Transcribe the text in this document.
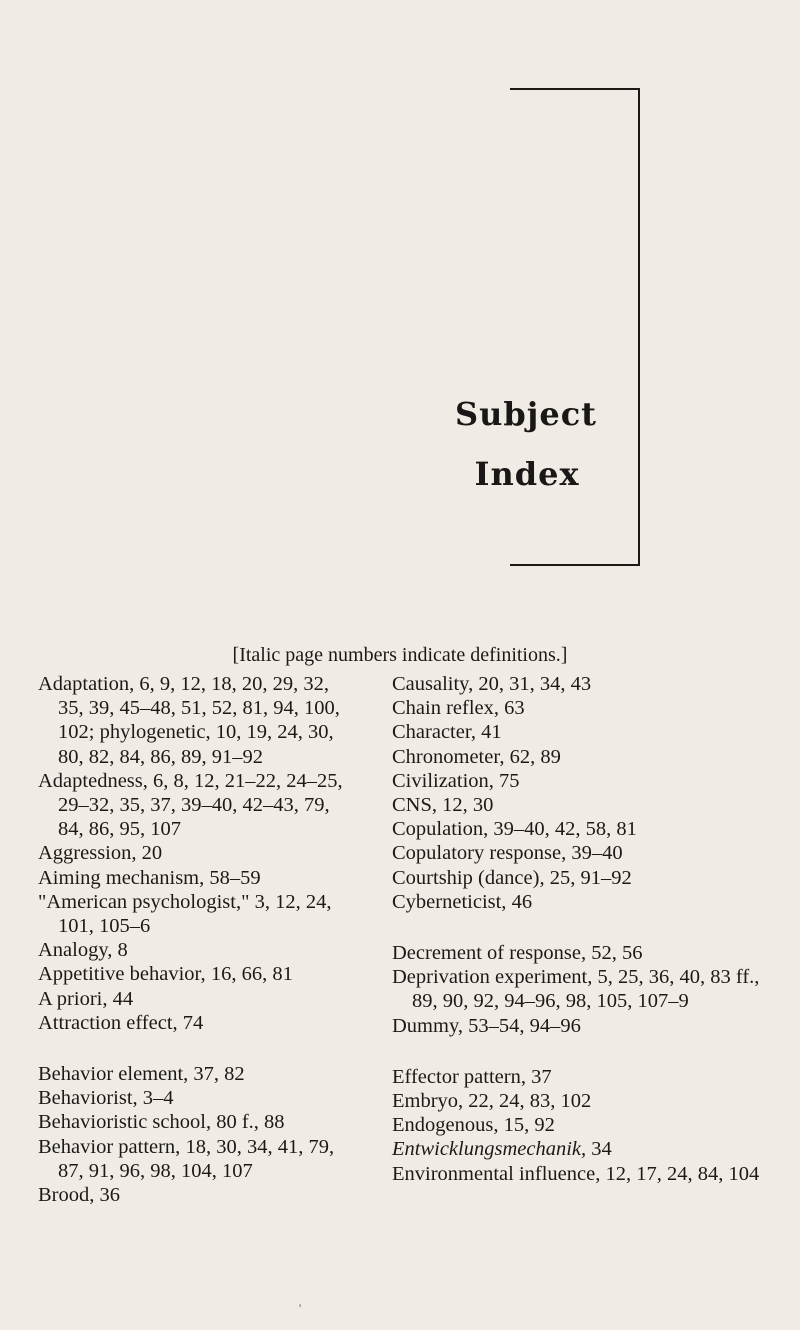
Subject
Index
[Italic page numbers indicate definitions.]
Adaptation, 6, 9, 12, 18, 20, 29, 32, 35, 39, 45–48, 51, 52, 81, 94, 100, 102; phylogenetic, 10, 19, 24, 30, 80, 82, 84, 86, 89, 91–92
Adaptedness, 6, 8, 12, 21–22, 24–25, 29–32, 35, 37, 39–40, 42–43, 79, 84, 86, 95, 107
Aggression, 20
Aiming mechanism, 58–59
"American psychologist," 3, 12, 24, 101, 105–6
Analogy, 8
Appetitive behavior, 16, 66, 81
A priori, 44
Attraction effect, 74
Behavior element, 37, 82
Behaviorist, 3–4
Behavioristic school, 80 f., 88
Behavior pattern, 18, 30, 34, 41, 79, 87, 91, 96, 98, 104, 107
Brood, 36
Causality, 20, 31, 34, 43
Chain reflex, 63
Character, 41
Chronometer, 62, 89
Civilization, 75
CNS, 12, 30
Copulation, 39–40, 42, 58, 81
Copulatory response, 39–40
Courtship (dance), 25, 91–92
Cyberneticist, 46
Decrement of response, 52, 56
Deprivation experiment, 5, 25, 36, 40, 83 ff., 89, 90, 92, 94–96, 98, 105, 107–9
Dummy, 53–54, 94–96
Effector pattern, 37
Embryo, 22, 24, 83, 102
Endogenous, 15, 92
Entwicklungsmechanik, 34
Environmental influence, 12, 17, 24, 84, 104
'
